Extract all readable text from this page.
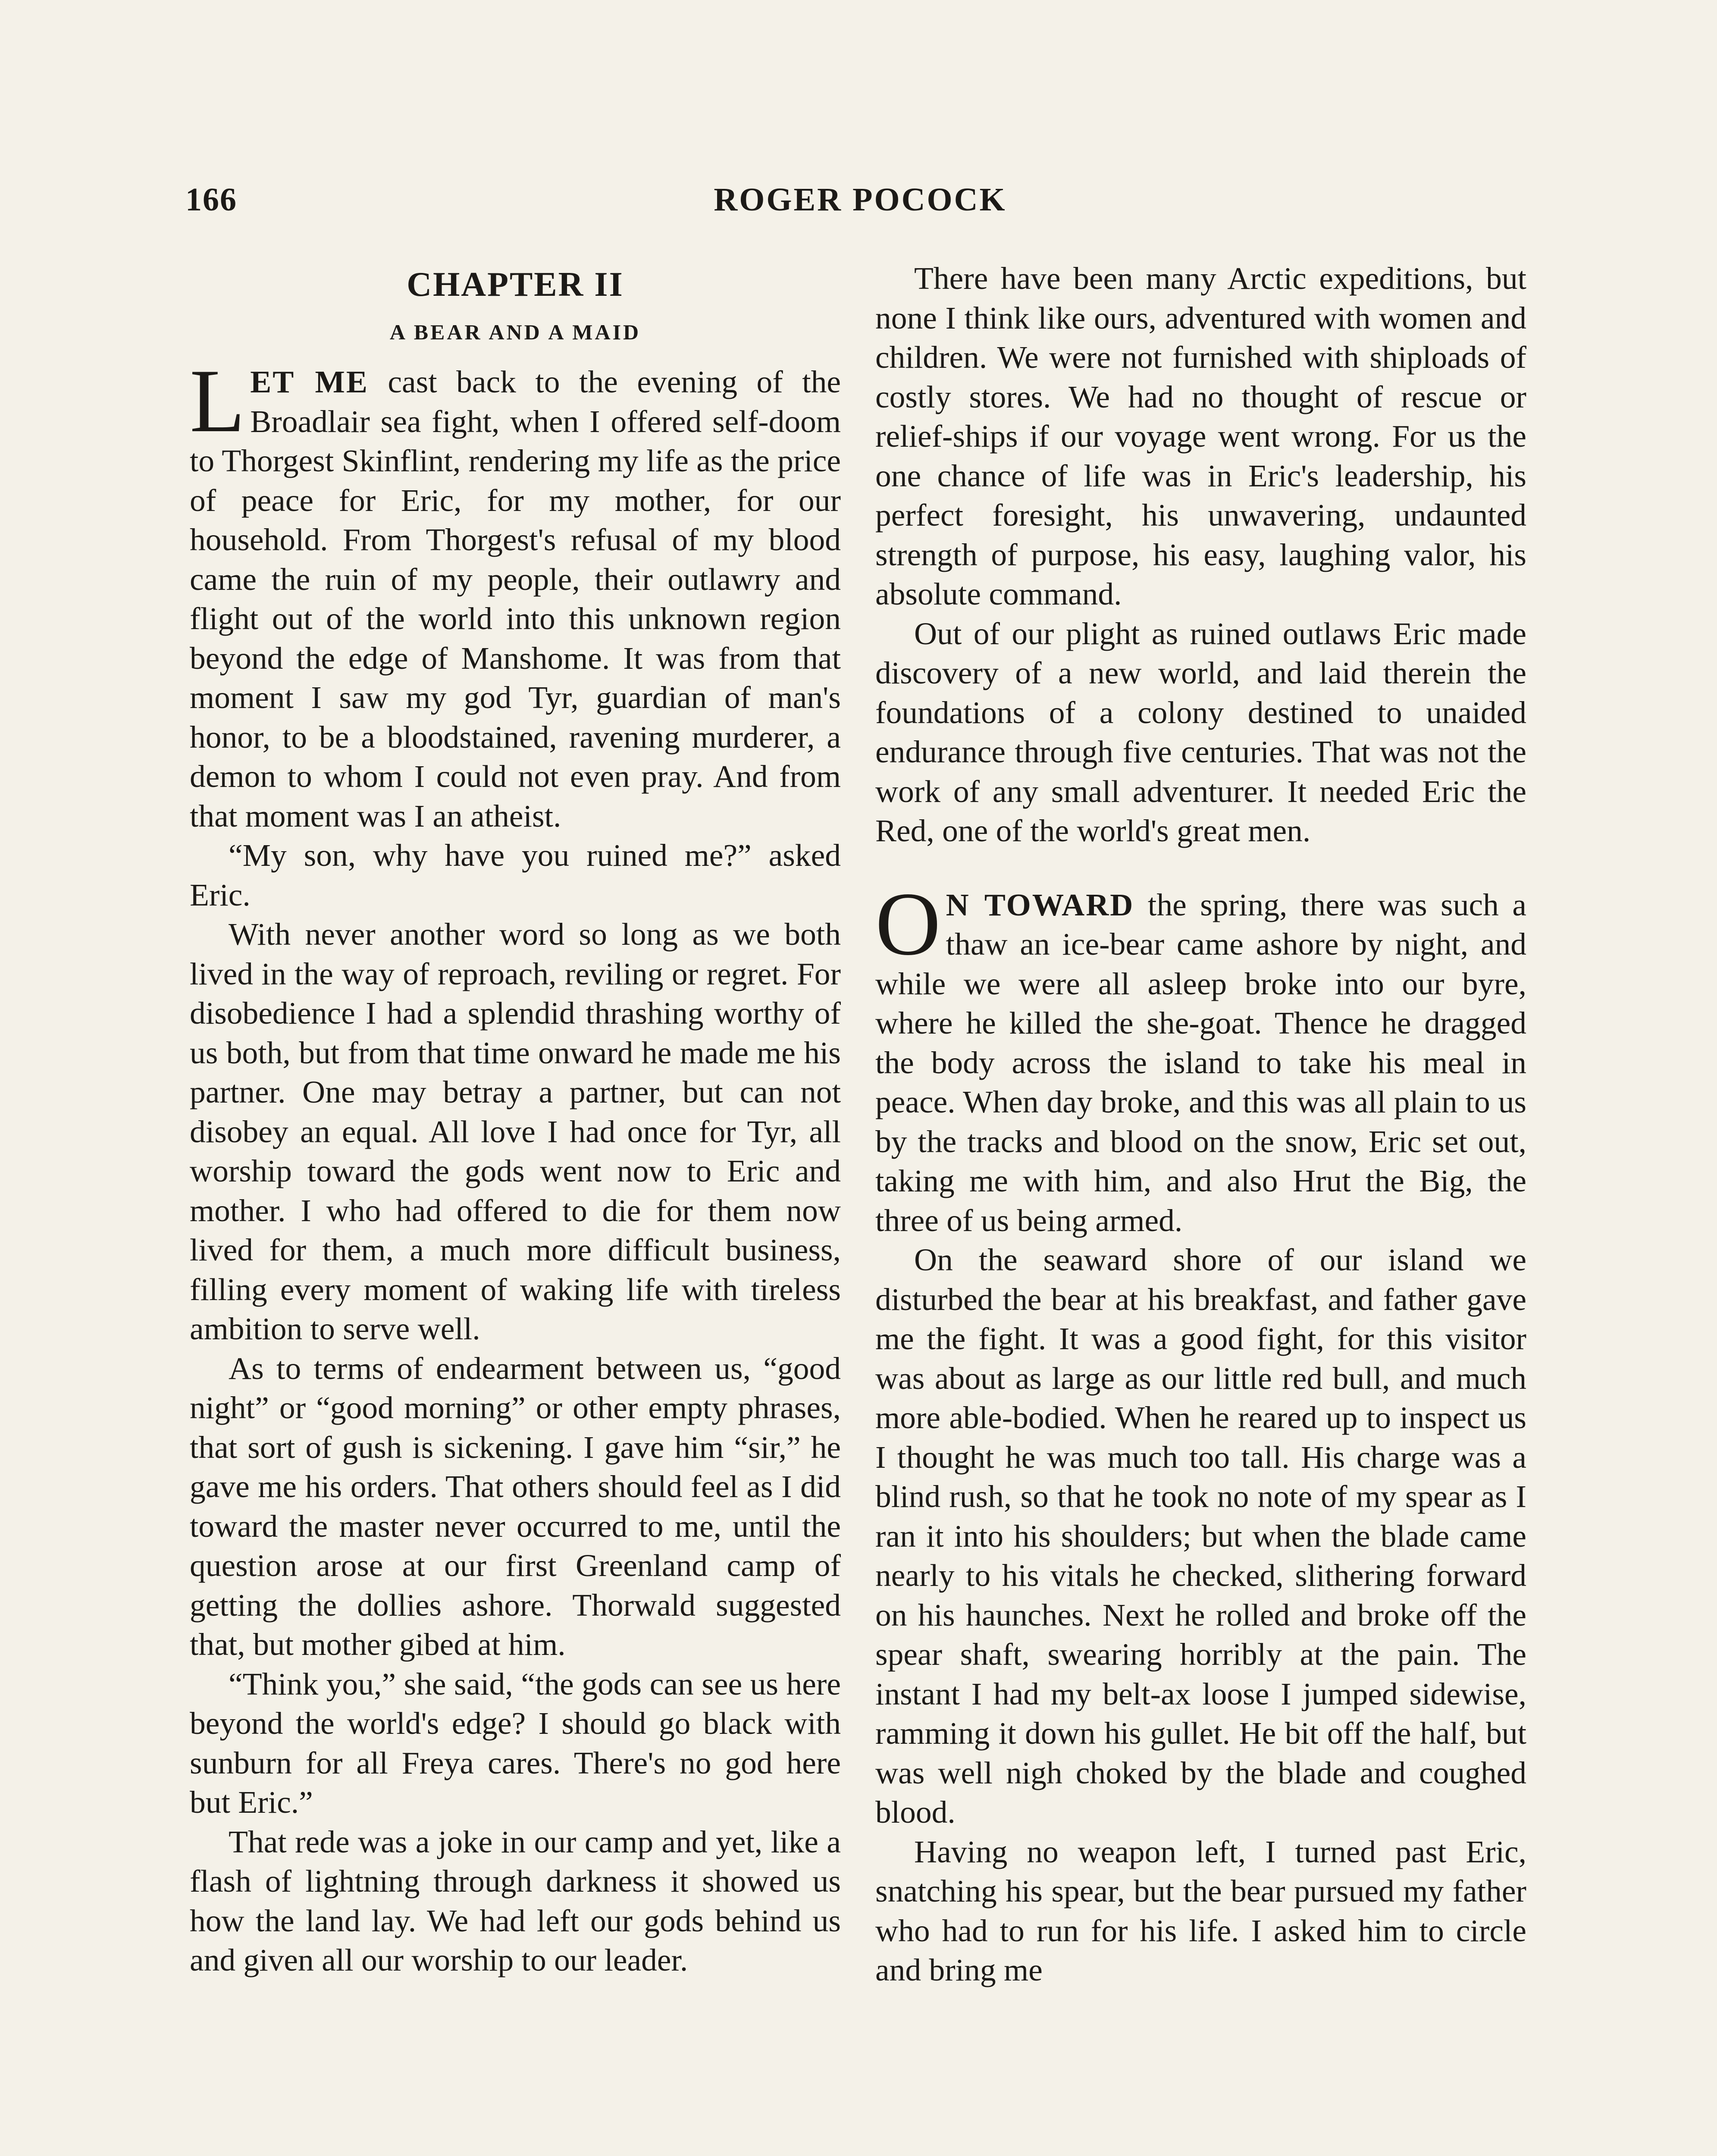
166	ROGER POCOCK
CHAPTER II
A BEAR AND A MAID

LET ME cast back to the evening of the Broadlair sea fight, when I offered self-doom to Thorgest Skinflint, rendering my life as the price of peace for Eric, for my mother, for our household. From Thorgest's refusal of my blood came the ruin of my people, their outlawry and flight out of the world into this unknown region beyond the edge of Manshome. It was from that moment I saw my god Tyr, guardian of man's honor, to be a bloodstained, ravening murderer, a demon to whom I could not even pray. And from that moment was I an atheist.

“My son, why have you ruined me?” asked Eric.

With never another word so long as we both lived in the way of reproach, reviling or regret. For disobedience I had a splendid thrashing worthy of us both, but from that time onward he made me his partner. One may betray a partner, but can not disobey an equal. All love I had once for Tyr, all worship toward the gods went now to Eric and mother. I who had offered to die for them now lived for them, a much more difficult business, filling every moment of waking life with tireless ambition to serve well.

As to terms of endearment between us, “good night” or “good morning” or other empty phrases, that sort of gush is sickening. I gave him “sir,” he gave me his orders. That others should feel as I did toward the master never occurred to me, until the question arose at our first Greenland camp of getting the dollies ashore. Thorwald suggested that, but mother gibed at him.

“Think you,” she said, “the gods can see us here beyond the world's edge? I should go black with sunburn for all Freya cares. There's no god here but Eric.”

That rede was a joke in our camp and yet, like a flash of lightning through darkness it showed us how the land lay. We had left our gods behind us and given all our worship to our leader.

There have been many Arctic expeditions, but none I think like ours, adventured with women and children. We were not furnished with shiploads of costly stores. We had no thought of rescue or relief-ships if our voyage went wrong. For us the one chance of life was in Eric's leadership, his perfect foresight, his unwavering, undaunted strength of purpose, his easy, laughing valor, his absolute command.

Out of our plight as ruined outlaws Eric made discovery of a new world, and laid therein the foundations of a colony destined to unaided endurance through five centuries. That was not the work of any small adventurer. It needed Eric the Red, one of the world's great men.

O N TOWARD the spring, there was such a thaw an ice-bear came ashore by night, and while we were all asleep broke into our byre, where he killed the she-goat. Thence he dragged the body across the island to take his meal in peace. When day broke, and this was all plain to us by the tracks and blood on the snow, Eric set out, taking me with him, and also Hrut the Big, the three of us being armed.

On the seaward shore of our island we disturbed the bear at his breakfast, and father gave me the fight. It was a good fight, for this visitor was about as large as our little red bull, and much more able-bodied. When he reared up to inspect us I thought he was much too tall. His charge was a blind rush, so that he took no note of my spear as I ran it into his shoulders; but when the blade came nearly to his vitals he checked, slithering forward on his haunches. Next he rolled and broke off the spear shaft, swearing horribly at the pain. The instant I had my belt-ax loose I jumped sidewise, ramming it down his gullet. He bit off the half, but was well nigh choked by the blade and coughed blood.

Having no weapon left, I turned past Eric, snatching his spear, but the bear pursued my father who had to run for his life. I asked him to circle and bring me
